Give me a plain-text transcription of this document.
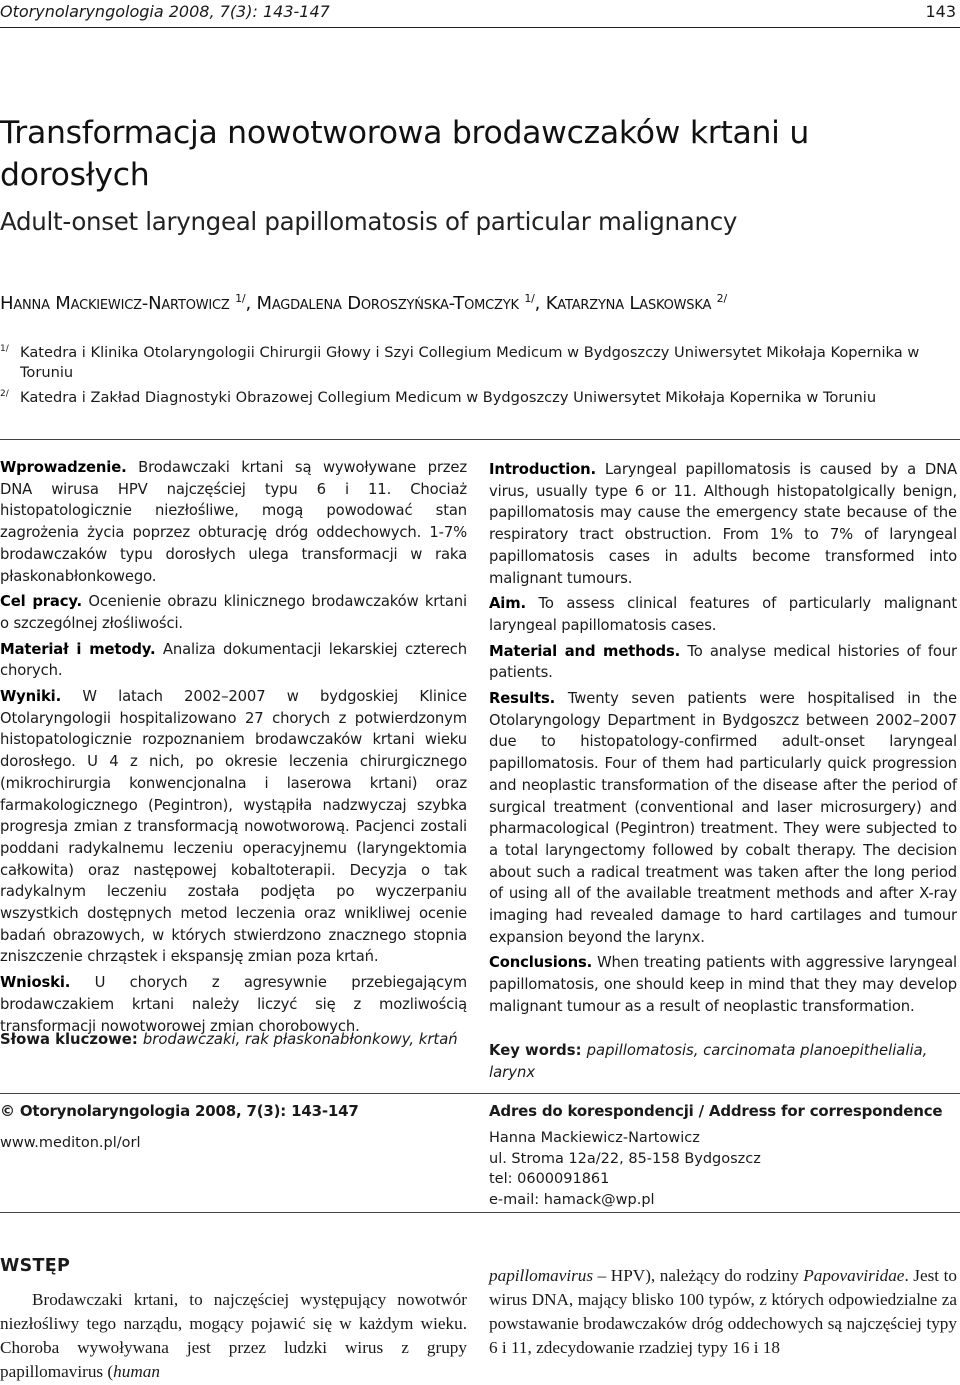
Otorynolaryngologia 2008, 7(3): 143-147	143
Transformacja nowotworowa brodawczaków krtani u dorosłych
Adult-onset laryngeal papillomatosis of particular malignancy
Hanna Mackiewicz-Nartowicz $^{1/}$, Magdalena Doroszyńska-Tomczyk $^{1/}$, Katarzyna Laskowska $^{2/}$
1/ Katedra i Klinika Otolaryngologii Chirurgii Głowy i Szyi Collegium Medicum w Bydgoszczy Uniwersytet Mikołaja Kopernika w Toruniu
2/ Katedra i Zakład Diagnostyki Obrazowej Collegium Medicum w Bydgoszczy Uniwersytet Mikołaja Kopernika w Toruniu

Wprowadzenie. Brodawczaki krtani są wywoływane przez DNA wirusa HPV najczęściej typu 6 i 11. Chociaż histopatologicznie niezłośliwe, mogą powodować stan zagrożenia życia poprzez obturację dróg oddechowych. 1-7% brodawczaków typu dorosłych ulega transformacji w raka płaskonabłonkowego.

Cel pracy. Ocenienie obrazu klinicznego brodawczaków krtani o szczególnej złośliwości.

Materiał i metody. Analiza dokumentacji lekarskiej czterech chorych.

Wyniki. W latach 2002–2007 w bydgoskiej Klinice Otolaryngologii hospitalizowano 27 chorych z potwierdzonym histopatologicznie rozpoznaniem brodawczaków krtani wieku dorosłego. U 4 z nich, po okresie leczenia chirurgicznego (mikrochirurgia konwencjonalna i laserowa krtani) oraz farmakologicznego (Pegintron), wystąpiła nadzwyczaj szybka progresja zmian z transformacją nowotworową. Pacjenci zostali poddani radykalnemu leczeniu operacyjnemu (laryngektomia całkowita) oraz następowej kobaltoterapii. Decyzja o tak radykalnym leczeniu została podjęta po wyczerpaniu wszystkich dostępnych metod leczenia oraz wnikliwej ocenie badań obrazowych, w których stwierdzono znacznego stopnia zniszczenie chrząstek i ekspansję zmian poza krtań.

Wnioski. U chorych z agresywnie przebiegającym brodawczakiem krtani należy liczyć się z mozliwością transformacji nowotworowej zmian chorobowych.

Słowa kluczowe: brodawczaki, rak płaskonabłonkowy, krtań

Introduction. Laryngeal papillomatosis is caused by a DNA virus, usually type 6 or 11. Although histopatolgically benign, papillomatosis may cause the emergency state because of the respiratory tract obstruction. From 1% to 7% of laryngeal papillomatosis cases in adults become transformed into malignant tumours.

Aim. To assess clinical features of particularly malignant laryngeal papillomatosis cases.

Material and methods. To analyse medical histories of four patients.

Results. Twenty seven patients were hospitalised in the Otolaryngology Department in Bydgoszcz between 2002–2007 due to histopatology-confirmed adult-onset laryngeal papillomatosis. Four of them had particularly quick progression and neoplastic transformation of the disease after the period of surgical treatment (conventional and laser microsurgery) and pharmacological (Pegintron) treatment. They were subjected to a total laryngectomy followed by cobalt therapy. The decision about such a radical treatment was taken after the long period of using all of the available treatment methods and after X-ray imaging had revealed damage to hard cartilages and tumour expansion beyond the larynx.

Conclusions. When treating patients with aggressive laryngeal papillomatosis, one should keep in mind that they may develop malignant tumour as a result of neoplastic transformation.

Key words: papillomatosis, carcinomata planoepithelialia, larynx
© Otorynolaryngologia 2008, 7(3): 143-147
www.mediton.pl/orl
Adres do korespondencji / Address for correspondence
Hanna Mackiewicz-Nartowicz
ul. Stroma 12a/22, 85-158 Bydgoszcz
tel: 0600091861
e-mail: hamack@wp.pl
WSTĘP
Brodawczaki krtani, to najczęściej występujący nowotwór niezłośliwy tego narządu, mogący pojawić się w każdym wieku. Choroba wywoływana jest przez ludzki wirus z grupy papillomavirus (human
papillomavirus – HPV), należący do rodziny Papovaviridae. Jest to wirus DNA, mający blisko 100 typów, z których odpowiedzialne za powstawanie brodawczaków dróg oddechowych są najczęściej typy 6 i 11, zdecydowanie rzadziej typy 16 i 18
